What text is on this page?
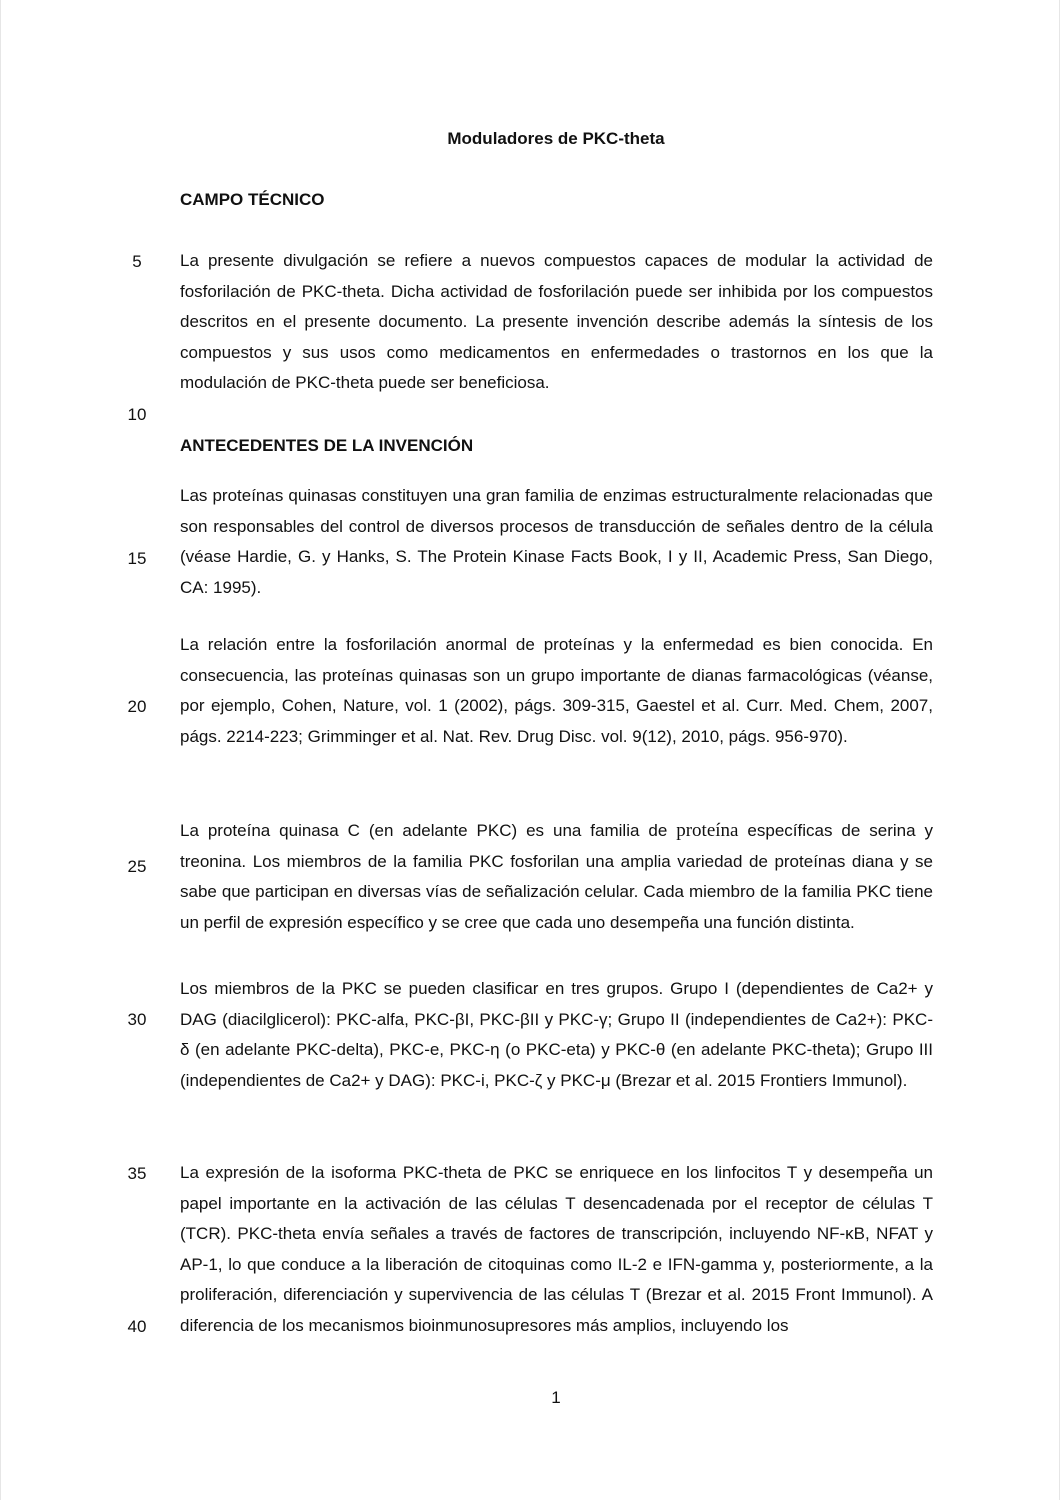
Moduladores de PKC-theta
CAMPO TÉCNICO
5	La presente divulgación se refiere a nuevos compuestos capaces de modular la actividad de fosforilación de PKC-theta. Dicha actividad de fosforilación puede ser inhibida por los compuestos descritos en el presente documento. La presente invención describe además la síntesis de los compuestos y sus usos como medicamentos en enfermedades o trastornos en los que la modulación de PKC-theta puede ser beneficiosa.

10
ANTECEDENTES DE LA INVENCIÓN

Las proteínas quinasas constituyen una gran familia de enzimas estructuralmente relacionadas que son responsables del control de diversos procesos de transducción de señales dentro de la célula (véase Hardie, G. y Hanks, S. The Protein Kinase Facts Book, I y II, Academic Press, San Diego, CA: 1995).

15

La relación entre la fosforilación anormal de proteínas y la enfermedad es bien conocida. En consecuencia, las proteínas quinasas son un grupo importante de dianas farmacológicas (véanse, por ejemplo, Cohen, Nature, vol. 1 (2002), págs. 309-315, Gaestel et al. Curr. Med. Chem, 2007, págs. 2214-223; Grimminger et al. Nat. Rev. Drug Disc. vol. 9(12), 2010, págs. 956-970).

20

La proteína quinasa C (en adelante PKC) es una familia de proteína específicas de serina y treonina. Los miembros de la familia PKC fosforilan una amplia variedad de proteínas diana y se sabe que participan en diversas vías de señalización celular. Cada miembro de la familia PKC tiene un perfil de expresión específico y se cree que cada uno desempeña una función distinta.

25

Los miembros de la PKC se pueden clasificar en tres grupos. Grupo I (dependientes de Ca2+ y DAG (diacilglicerol): PKC-alfa, PKC-βI, PKC-βII y PKC-γ; Grupo II (independientes de Ca2+): PKC-δ (en adelante PKC-delta), PKC-e, PKC-η (o PKC-eta) y PKC-θ (en adelante PKC-theta); Grupo III (independientes de Ca2+ y DAG): PKC-i, PKC-ζ y PKC-μ (Brezar et al. 2015 Frontiers Immunol).

30
35	La expresión de la isoforma PKC-theta de PKC se enriquece en los linfocitos T y desempeña un papel importante en la activación de las células T desencadenada por el receptor de células T (TCR). PKC-theta envía señales a través de factores de transcripción, incluyendo NF-κB, NFAT y AP-1, lo que conduce a la liberación de citoquinas como IL-2 e IFN-gamma y, posteriormente, a la proliferación, diferenciación y supervivencia de las células T (Brezar et al. 2015 Front Immunol). A diferencia de los mecanismos bioinmunosupresores más amplios, incluyendo los

40
1
